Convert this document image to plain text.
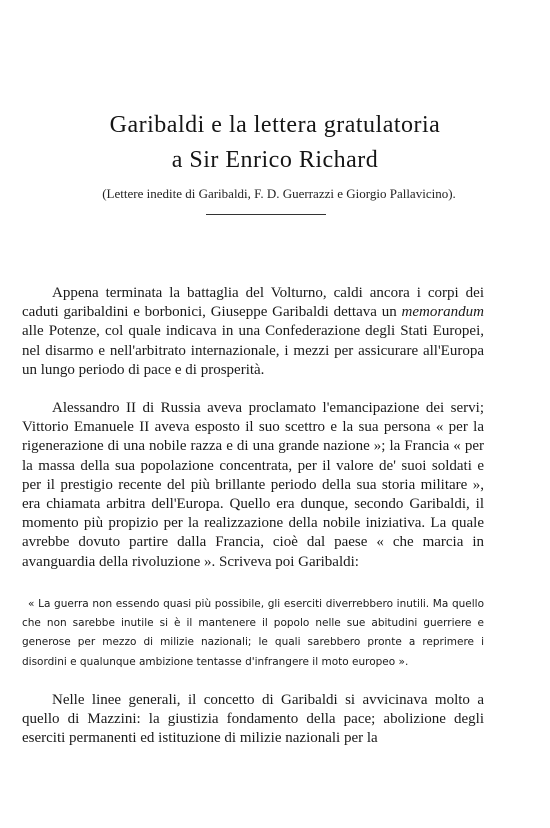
Garibaldi e la lettera gratulatoria
a Sir Enrico Richard
(Lettere inedite di Garibaldi, F. D. Guerrazzi e Giorgio Pallavicino).

Appena terminata la battaglia del Volturno, caldi ancora i corpi dei caduti garibaldini e borbonici, Giuseppe Garibaldi dettava un memorandum alle Potenze, col quale indicava in una Confederazione degli Stati Europei, nel disarmo e nell'arbitrato internazionale, i mezzi per assicurare all'Europa un lungo periodo di pace e di prosperità.

Alessandro II di Russia aveva proclamato l'emancipazione dei servi; Vittorio Emanuele II aveva esposto il suo scettro e la sua persona « per la rigenerazione di una nobile razza e di una grande nazione »; la Francia « per la massa della sua popolazione concentrata, per il valore de' suoi soldati e per il prestigio recente del più brillante periodo della sua storia militare », era chiamata arbitra dell'Europa. Quello era dunque, secondo Garibaldi, il momento più propizio per la realizzazione della nobile iniziativa. La quale avrebbe dovuto partire dalla Francia, cioè dal paese « che marcia in avanguardia della rivoluzione ». Scriveva poi Garibaldi:

« La guerra non essendo quasi più possibile, gli eserciti diverrebbero inutili. Ma quello che non sarebbe inutile si è il mantenere il popolo nelle sue abitudini guerriere e generose per mezzo di milizie nazionali; le quali sarebbero pronte a reprimere i disordini e qualunque ambizione tentasse d'infrangere il moto europeo ».

Nelle linee generali, il concetto di Garibaldi si avvicinava molto a quello di Mazzini: la giustizia fondamento della pace; abolizione degli eserciti permanenti ed istituzione di milizie nazionali per la
